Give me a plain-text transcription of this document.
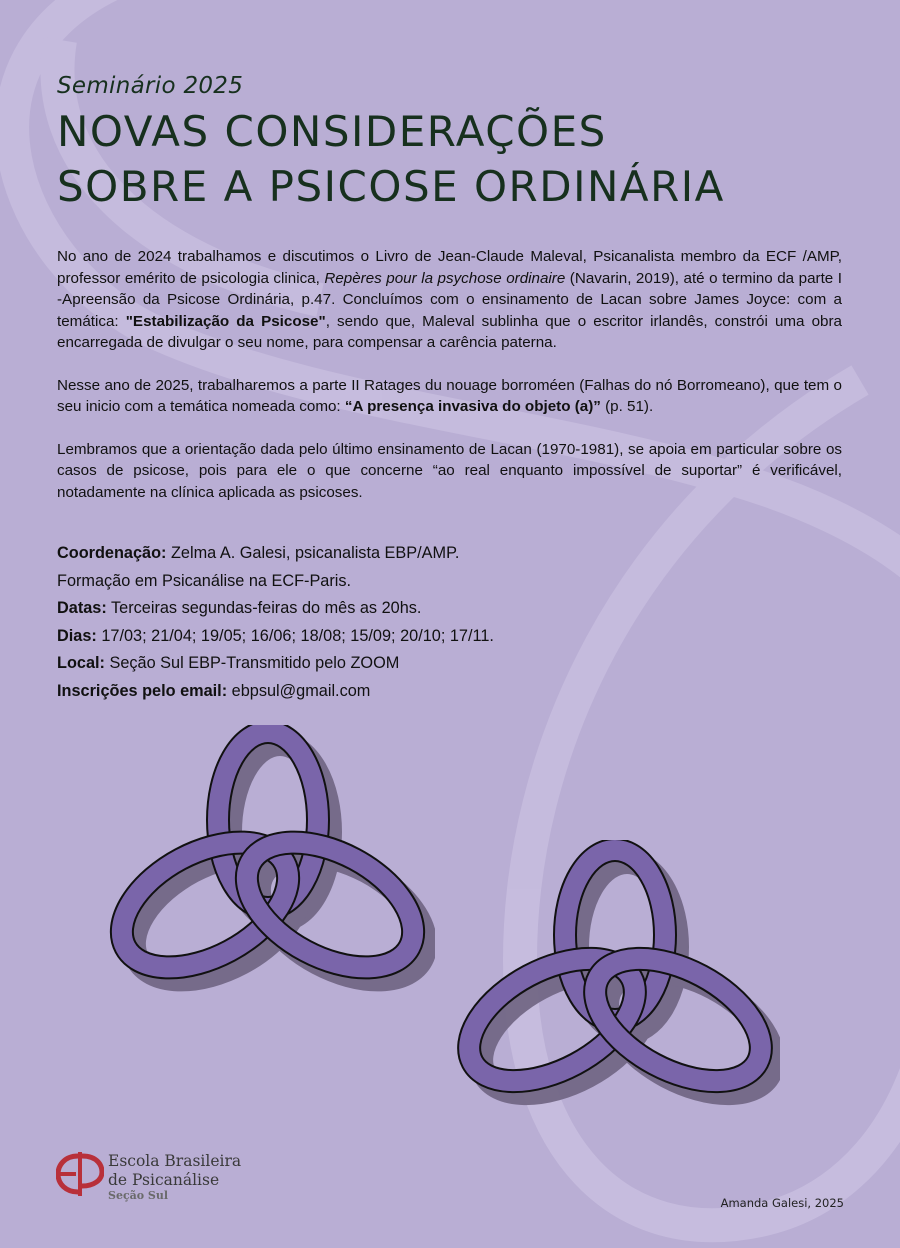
Seminário 2025

NOVAS CONSIDERAÇÕES
SOBRE A PSICOSE ORDINÁRIA

No ano de 2024 trabalhamos e discutimos o Livro de Jean-Claude Maleval, Psicanalista membro da ECF /AMP, professor emérito de psicologia clinica, Repères pour la psychose ordinaire (Navarin, 2019), até o termino da parte I -Apreensão da Psicose Ordinária, p.47. Concluímos com o ensinamento de Lacan sobre James Joyce: com a temática: "Estabilização da Psicose", sendo que, Maleval sublinha que o escritor irlandês, constrói uma obra encarregada de divulgar o seu nome, para compensar a carência paterna.

Nesse ano de 2025, trabalharemos a parte II Ratages du nouage borroméen (Falhas do nó Borromeano), que tem o seu inicio com a temática nomeada como: “A presença invasiva do objeto (a)” (p. 51).

Lembramos que a orientação dada pelo último ensinamento de Lacan (1970-1981), se apoia em particular sobre os casos de psicose, pois para ele o que concerne “ao real enquanto impossível de suportar” é verificável, notadamente na clínica aplicada as psicoses.

Coordenação: Zelma A. Galesi, psicanalista EBP/AMP.
Formação em Psicanálise na ECF-Paris.
Datas: Terceiras segundas-feiras do mês as 20hs.
Dias: 17/03; 21/04; 19/05; 16/06; 18/08; 15/09; 20/10; 17/11.
Local: Seção Sul EBP-Transmitido pelo ZOOM
Inscrições pelo email: ebpsul@gmail.com
Escola Brasileira
de Psicanálise
Seção Sul
Amanda Galesi, 2025
